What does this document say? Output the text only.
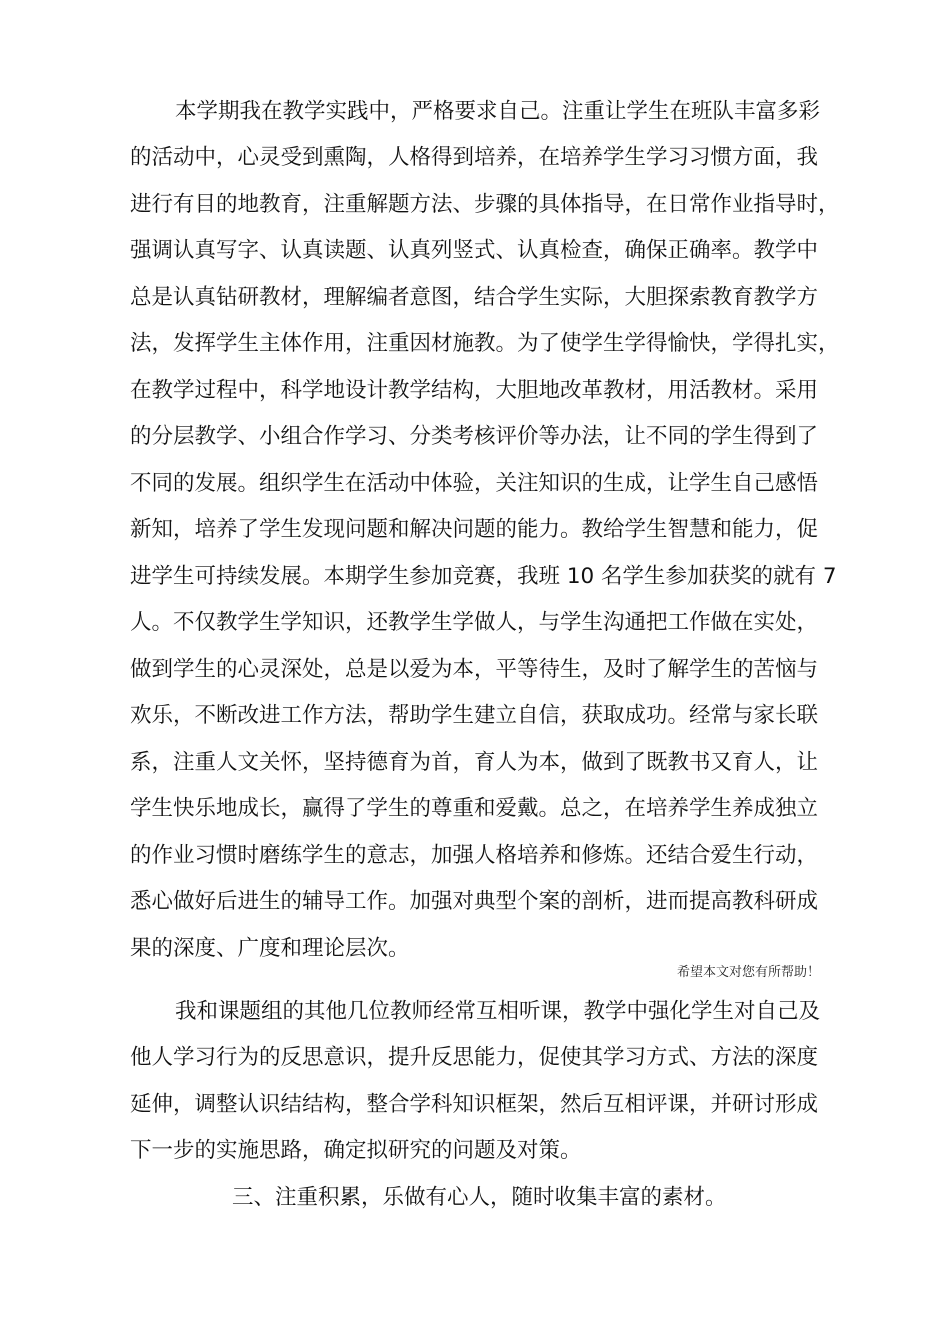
本学期我在教学实践中，严格要求自己。注重让学生在班队丰富多彩
的活动中，心灵受到熏陶，人格得到培养，在培养学生学习习惯方面，我
进行有目的地教育，注重解题方法、步骤的具体指导，在日常作业指导时，
强调认真写字、认真读题、认真列竖式、认真检查，确保正确率。教学中
总是认真钻研教材，理解编者意图，结合学生实际，大胆探索教育教学方
法，发挥学生主体作用，注重因材施教。为了使学生学得愉快，学得扎实，
在教学过程中，科学地设计教学结构，大胆地改革教材，用活教材。采用
的分层教学、小组合作学习、分类考核评价等办法，让不同的学生得到了
不同的发展。组织学生在活动中体验，关注知识的生成，让学生自己感悟
新知，培养了学生发现问题和解决问题的能力。教给学生智慧和能力，促
进学生可持续发展。本期学生参加竞赛，我班 10 名学生参加获奖的就有 7
人。不仅教学生学知识，还教学生学做人，与学生沟通把工作做在实处，
做到学生的心灵深处，总是以爱为本，平等待生，及时了解学生的苦恼与
欢乐，不断改进工作方法，帮助学生建立自信，获取成功。经常与家长联
系，注重人文关怀，坚持德育为首，育人为本，做到了既教书又育人，让
学生快乐地成长，赢得了学生的尊重和爱戴。总之，在培养学生养成独立
的作业习惯时磨练学生的意志，加强人格培养和修炼。还结合爱生行动，
悉心做好后进生的辅导工作。加强对典型个案的剖析，进而提高教科研成
果的深度、广度和理论层次。
希望本文对您有所帮助！
我和课题组的其他几位教师经常互相听课，教学中强化学生对自己及
他人学习行为的反思意识，提升反思能力，促使其学习方式、方法的深度
延伸，调整认识结结构，整合学科知识框架，然后互相评课，并研讨形成
下一步的实施思路，确定拟研究的问题及对策。
三、注重积累，乐做有心人，随时收集丰富的素材。
